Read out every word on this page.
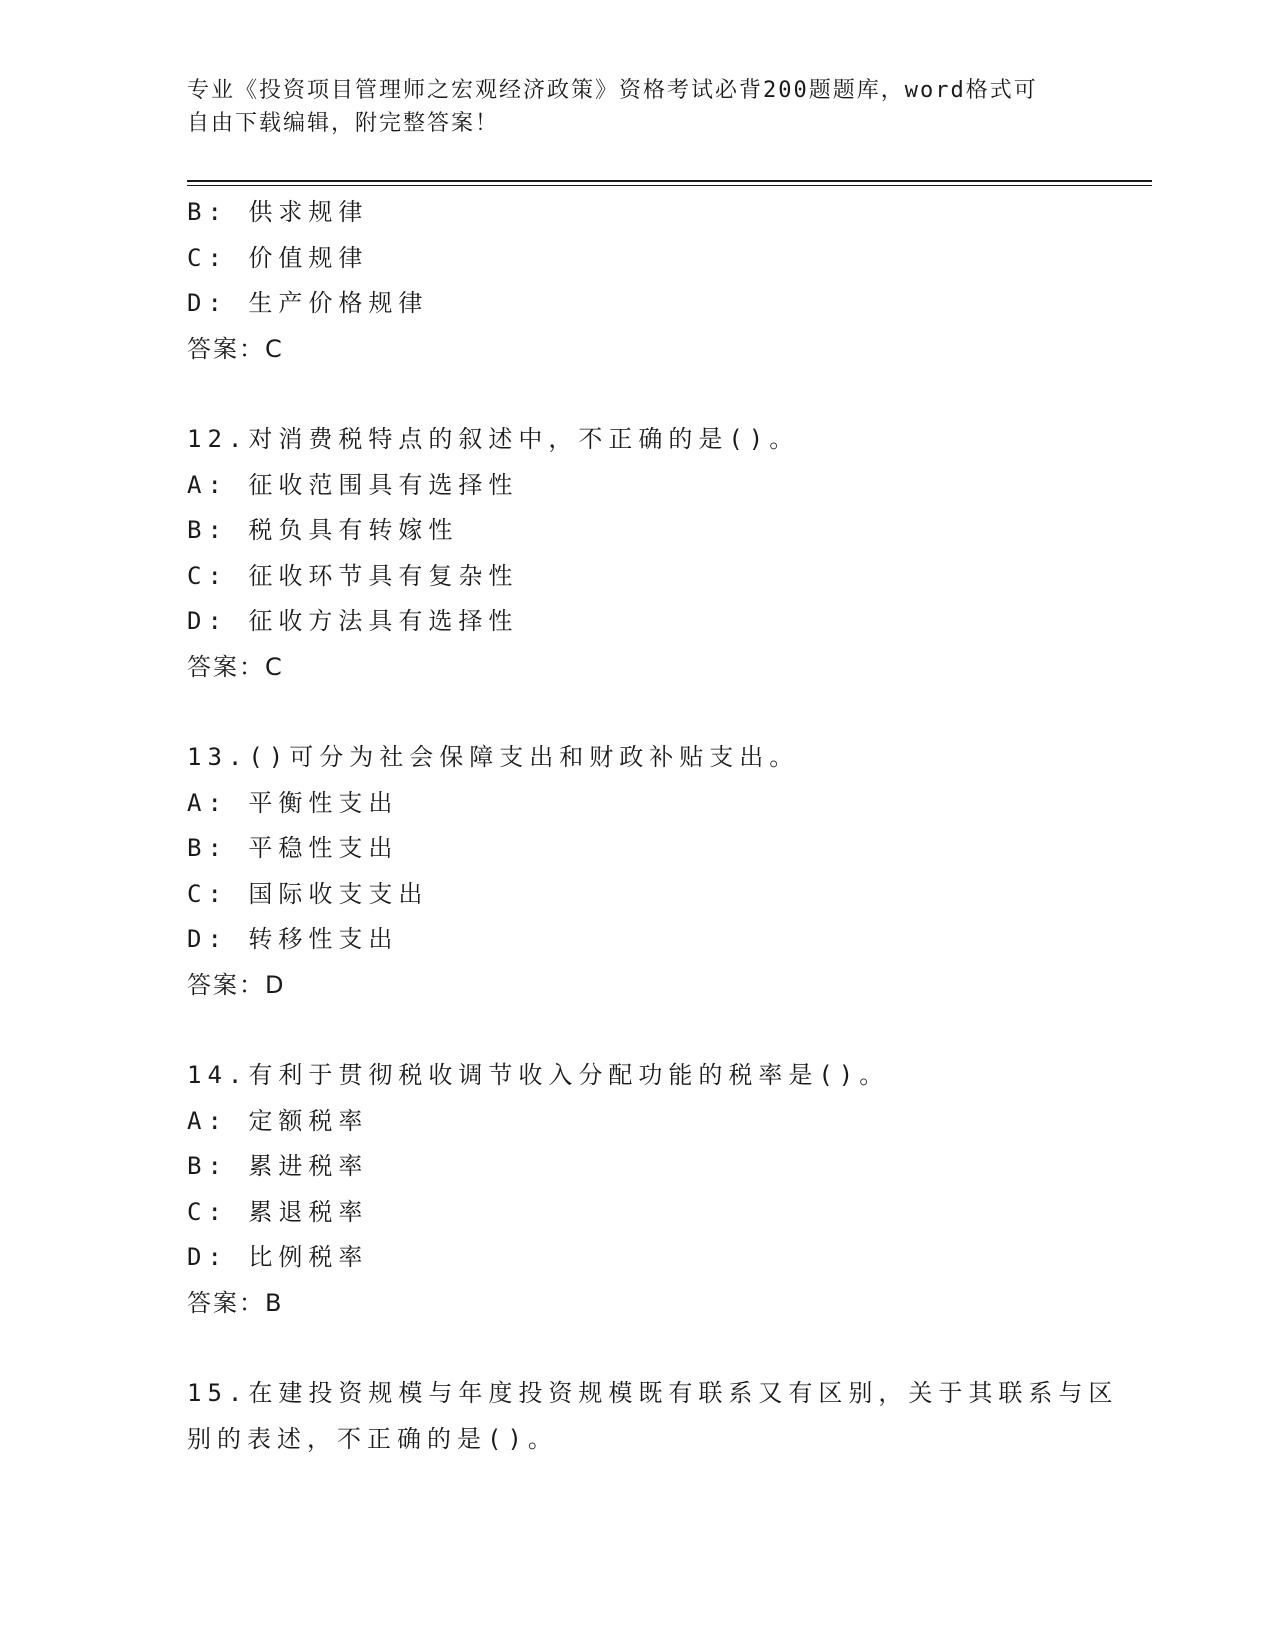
专业《投资项目管理师之宏观经济政策》资格考试必背200题题库，word格式可
自由下载编辑，附完整答案！
B: 供求规律
C: 价值规律
D: 生产价格规律
答案：C
12.对消费税特点的叙述中，不正确的是()。
A: 征收范围具有选择性
B: 税负具有转嫁性
C: 征收环节具有复杂性
D: 征收方法具有选择性
答案：C
13.()可分为社会保障支出和财政补贴支出。
A: 平衡性支出
B: 平稳性支出
C: 国际收支支出
D: 转移性支出
答案：D
14.有利于贯彻税收调节收入分配功能的税率是()。
A: 定额税率
B: 累进税率
C: 累退税率
D: 比例税率
答案：B
15.在建投资规模与年度投资规模既有联系又有区别，关于其联系与区
别的表述，不正确的是()。
